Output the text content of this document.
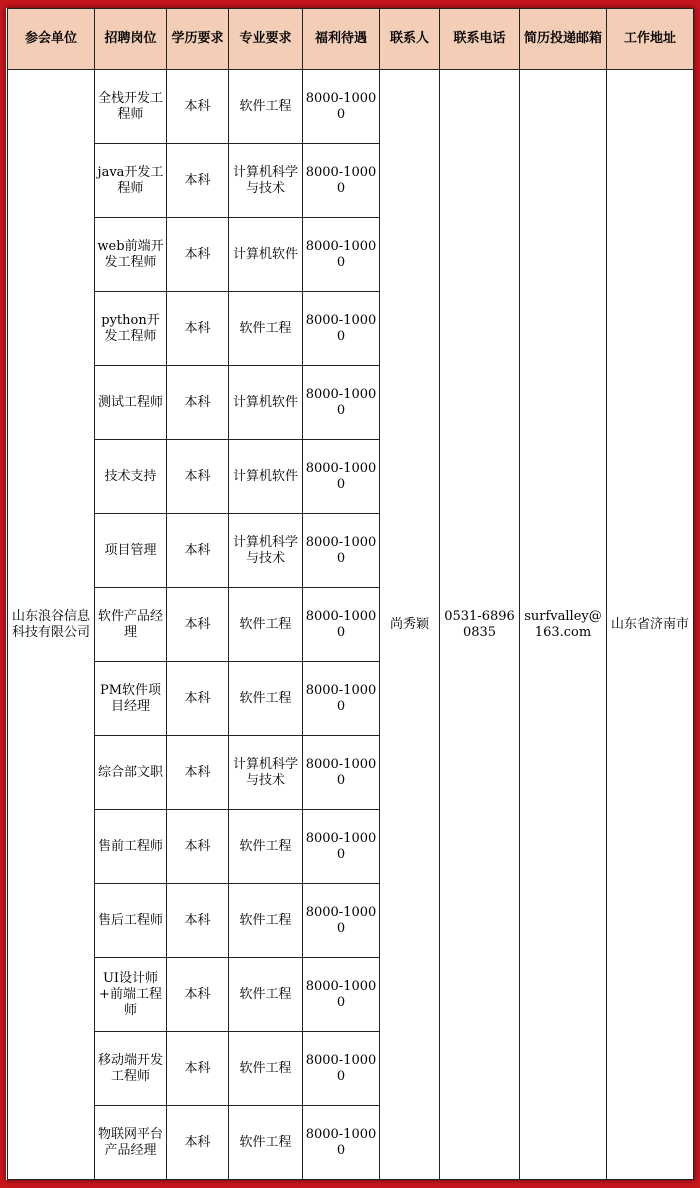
参会单位	招聘岗位	学历要求	专业要求	福利待遇	联系人	联系电话	简历投递邮箱	工作地址
山东浪谷信息科技有限公司	全栈开发工程师	本科	软件工程	8000-10000	尚秀颖	0531-68960835	surfvalley@163.com	山东省济南市
	java开发工程师	本科	计算机科学与技术	8000-10000				
	web前端开发工程师	本科	计算机软件	8000-10000				
	python开发工程师	本科	软件工程	8000-10000				
	测试工程师	本科	计算机软件	8000-10000				
	技术支持	本科	计算机软件	8000-10000				
	项目管理	本科	计算机科学与技术	8000-10000				
	软件产品经理	本科	软件工程	8000-10000				
	PM软件项目经理	本科	软件工程	8000-10000				
	综合部文职	本科	计算机科学与技术	8000-10000				
	售前工程师	本科	软件工程	8000-10000				
	售后工程师	本科	软件工程	8000-10000				
	UI设计师+前端工程师	本科	软件工程	8000-10000				
	移动端开发工程师	本科	软件工程	8000-10000				
	物联网平台产品经理	本科	软件工程	8000-10000				
